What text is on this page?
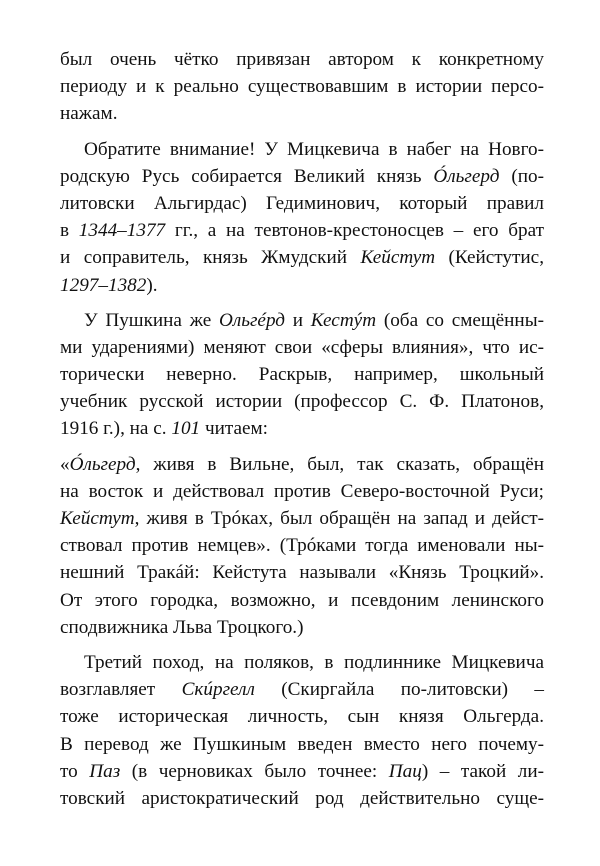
был очень чётко привязан автором к конкретному
периоду и к реально существовавшим в истории персо-
нажам.
Обратите внимание! У Мицкевича в набег на Новго-
родскую Русь собирается Великий князь Óльгерд (по-
литовски Альгирдас) Гедиминович, который правил
в 1344–1377 гг., а на тевтонов-крестоносцев – его брат
и соправитель, князь Жмудский Кейстут (Кейстутис,
1297–1382).
У Пушкина же Ольгéрд и Кестýт (оба со смещённы-
ми ударениями) меняют свои «сферы влияния», что ис-
торически неверно. Раскрыв, например, школьный
учебник русской истории (профессор С. Ф. Платонов,
1916 г.), на с. 101 читаем:
«Óльгерд, живя в Вильне, был, так сказать, обращён
на восток и действовал против Северо-восточной Руси;
Кейстут, живя в Трóках, был обращён на запад и дейст-
ствовал против немцев». (Трóками тогда именовали ны-
нешний Тракáй: Кейстута называли «Князь Троцкий».
От этого городка, возможно, и псевдоним ленинского
сподвижника Льва Троцкого.)
Третий поход, на поляков, в подлиннике Мицкевича
возглавляет Скúргелл (Скиргайла по-литовски) –
тоже историческая личность, сын князя Ольгерда.
В перевод же Пушкиным введен вместо него почему-
то Паз (в черновиках было точнее: Пац) – такой ли-
товский аристократический род действительно суще-
